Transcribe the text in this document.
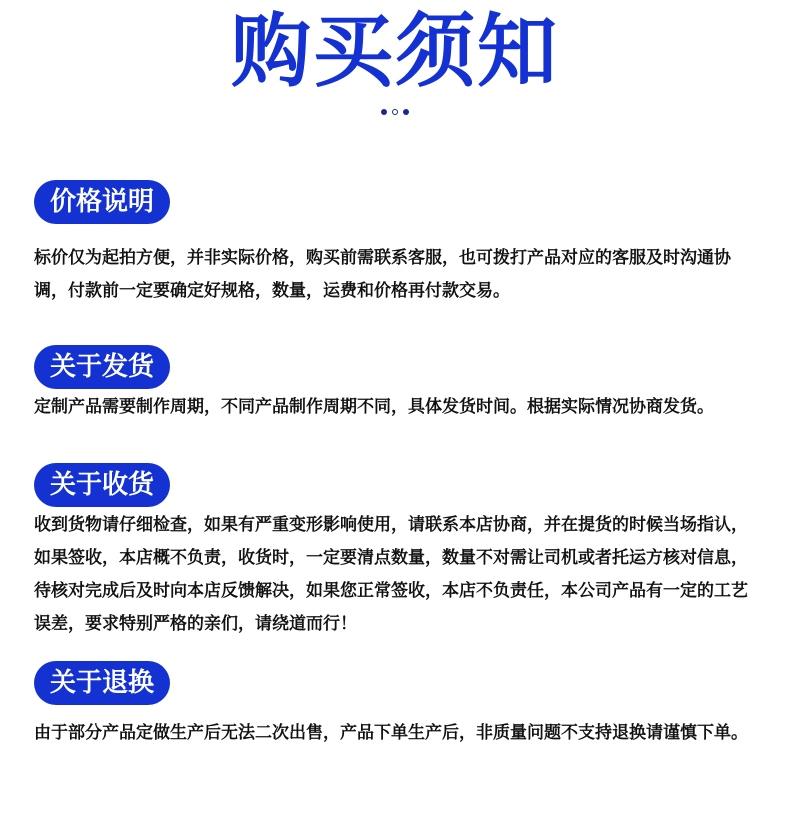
购买须知
价格说明
标价仅为起拍方便，并非实际价格，购买前需联系客服，也可拨打产品对应的客服及时沟通协调，付款前一定要确定好规格，数量，运费和价格再付款交易。
关于发货
定制产品需要制作周期，不同产品制作周期不同，具体发货时间。根据实际情况协商发货。
关于收货
收到货物请仔细检查，如果有严重变形影响使用，请联系本店协商，并在提货的时候当场指认，如果签收，本店概不负责，收货时，一定要清点数量，数量不对需让司机或者托运方核对信息，待核对完成后及时向本店反馈解决，如果您正常签收，本店不负责任，本公司产品有一定的工艺误差，要求特别严格的亲们，请绕道而行！
关于退换
由于部分产品定做生产后无法二次出售，产品下单生产后，非质量问题不支持退换请谨慎下单。
